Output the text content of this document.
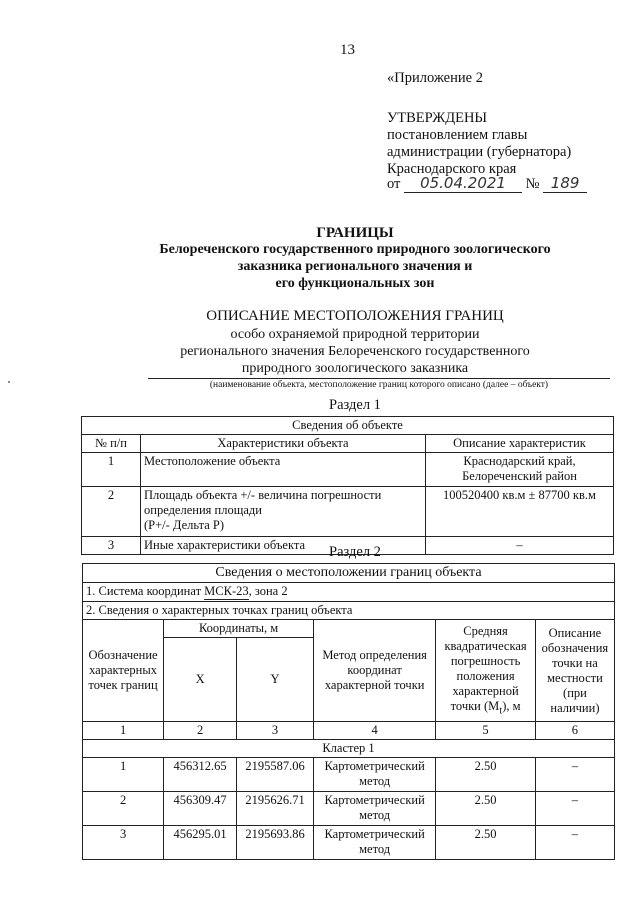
13
«Приложение 2
УТВЕРЖДЕНЫ
постановлением главы
администрации (губернатора)
Краснодарского края
от 05.04.2021 № 189
ГРАНИЦЫ
Белореченского государственного природного зоологического
заказника регионального значения и
его функциональных зон
ОПИСАНИЕ МЕСТОПОЛОЖЕНИЯ ГРАНИЦ
особо охраняемой природной территории
регионального значения Белореченского государственного
природного зоологического заказника
(наименование объекта, местоположение границ которого описано (далее – объект)
Раздел 1
Сведения об объекте		
№ п/п	Характеристики объекта	Описание характеристик
1	Местоположение объекта	Краснодарский край,
Белореченский район

2	Площадь объекта +/- величина погрешности
определения площади
(Р+/- Дельта Р)	100520400 кв.м ± 87700 кв.м
3	Иные характеристики объекта	–
Раздел 2
Сведения о местоположении границ объекта					
1. Система координат МСК-23, зона 2					
2. Сведения о характерных точках границ объекта					
Обозначение характерных точек границ	Координаты, м		Метод определения координат характерной точки	Средняя квадратическая погрешность положения характерной точки $(M_t)$, м	Описание обозначения точки на местности (при наличии)
	X	Y			
1	2	3	4	5	6
Кластер 1					
1	456312.65	2195587.06	Картометрический метод	2.50	–
2	456309.47	2195626.71	Картометрический метод	2.50	–
3	456295.01	2195693.86	Картометрический метод	2.50	–
